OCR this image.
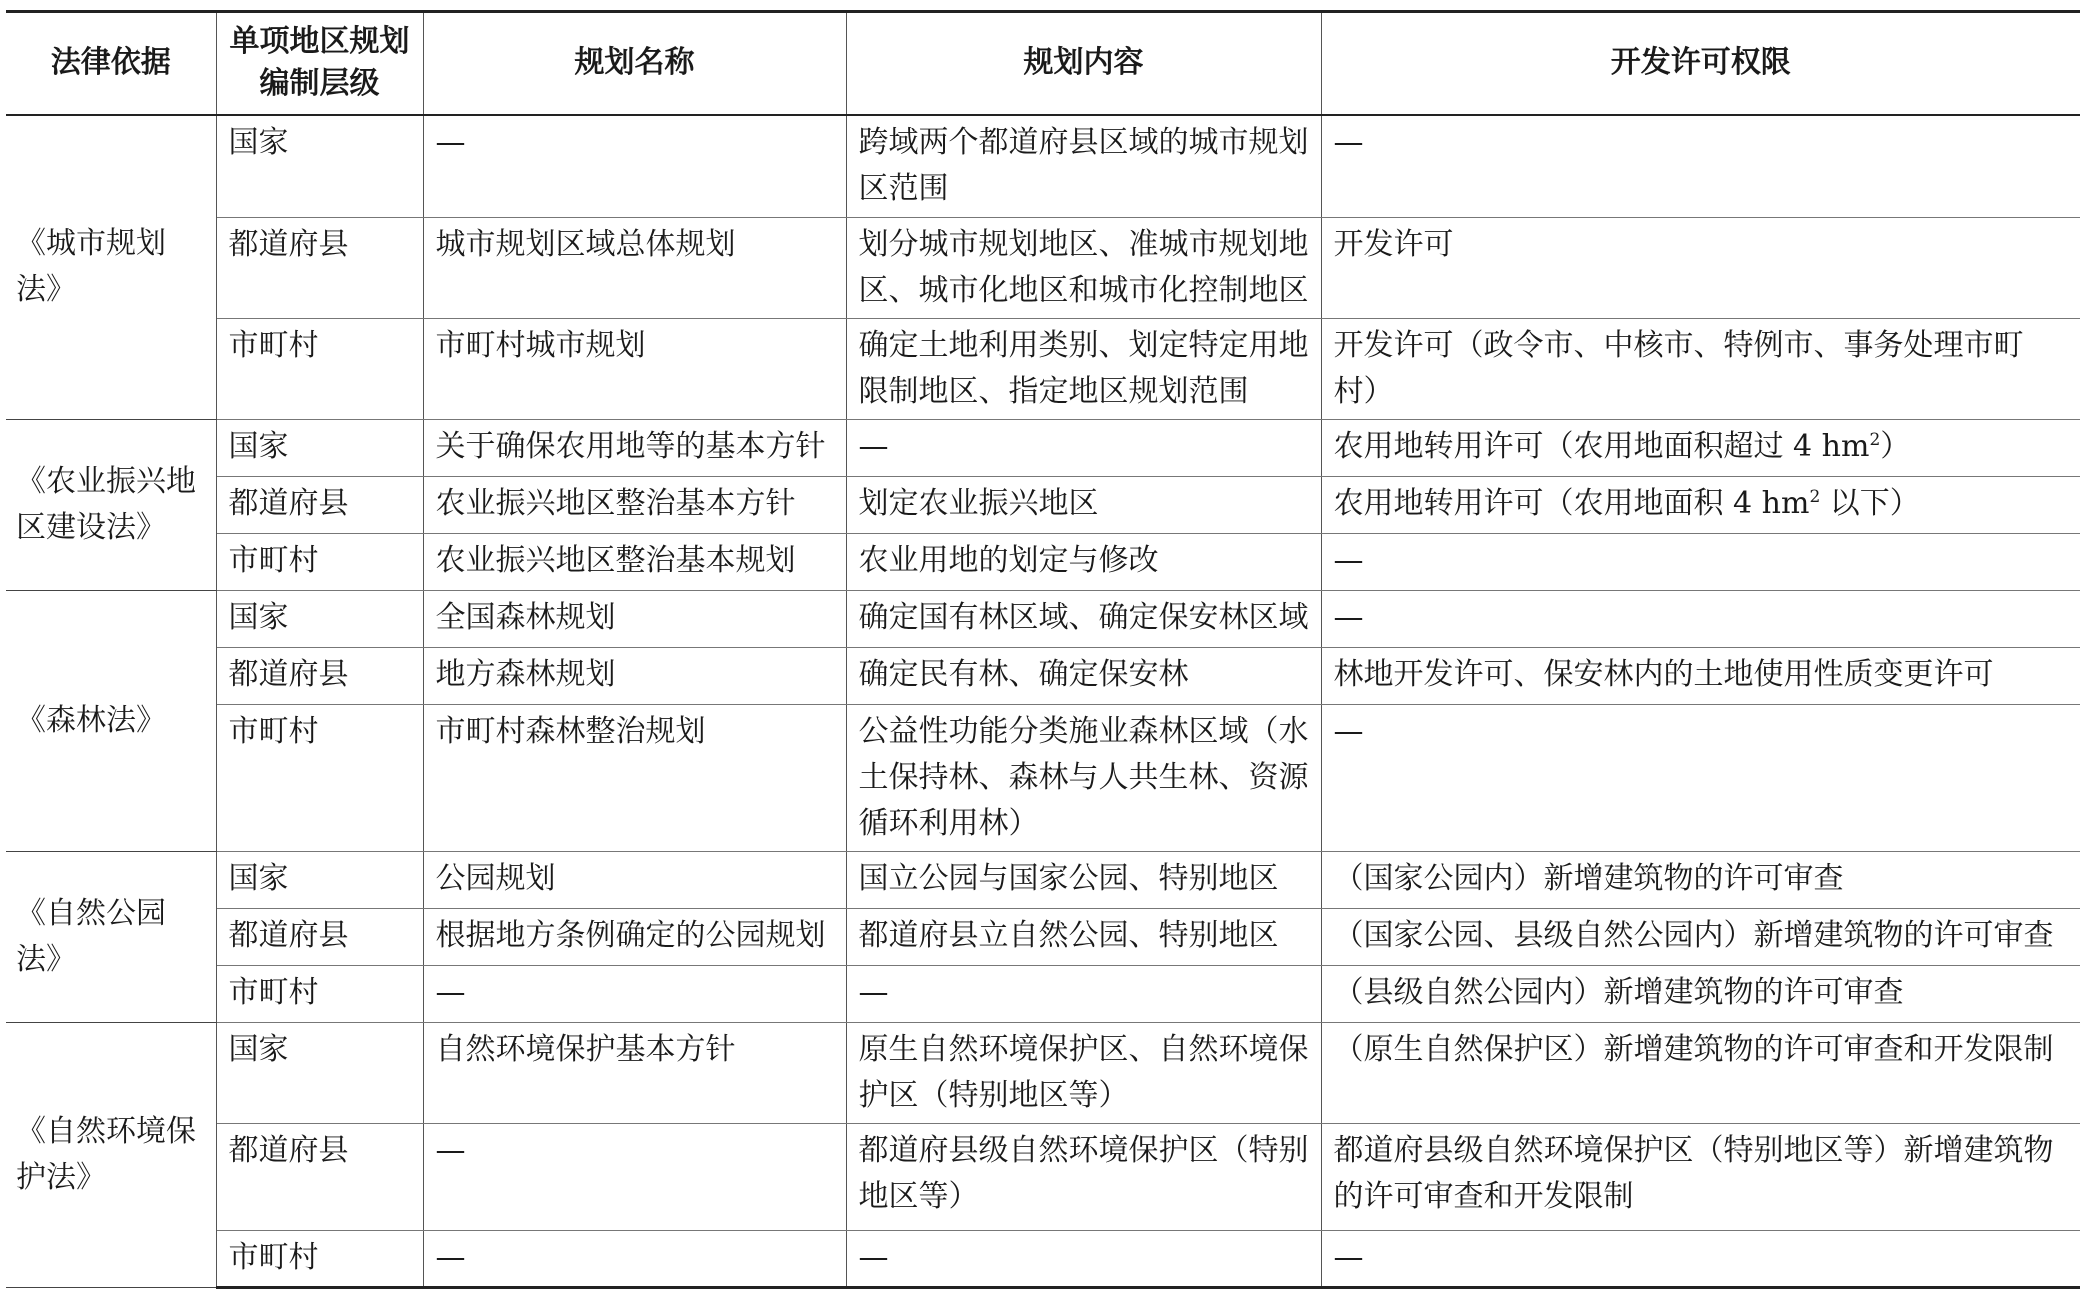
法律依据	单项地区规划编制层级	规划名称	规划内容	开发许可权限
《城市规划法》	国家	—	跨域两个都道府县区域的城市规划区范围	—
	都道府县	城市规划区域总体规划	划分城市规划地区、准城市规划地区、城市化地区和城市化控制地区	开发许可
	市町村	市町村城市规划	确定土地利用类别、划定特定用地限制地区、指定地区规划范围	开发许可（政令市、中核市、特例市、事务处理市町村）
《农业振兴地区建设法》	国家	关于确保农用地等的基本方针	—	农用地转用许可（农用地面积超过 4 $hm^2$）
	都道府县	农业振兴地区整治基本方针	划定农业振兴地区	农用地转用许可（农用地面积 4 $hm^2$ 以下）
	市町村	农业振兴地区整治基本规划	农业用地的划定与修改	—
《森林法》	国家	全国森林规划	确定国有林区域、确定保安林区域	—
	都道府县	地方森林规划	确定民有林、确定保安林	林地开发许可、保安林内的土地使用性质变更许可
	市町村	市町村森林整治规划	公益性功能分类施业森林区域（水土保持林、森林与人共生林、资源循环利用林）	—
《自然公园法》	国家	公园规划	国立公园与国家公园、特别地区	（国家公园内）新增建筑物的许可审查
	都道府县	根据地方条例确定的公园规划	都道府县立自然公园、特别地区	（国家公园、县级自然公园内）新增建筑物的许可审查
	市町村	—	—	（县级自然公园内）新增建筑物的许可审查
《自然环境保护法》	国家	自然环境保护基本方针	原生自然环境保护区、自然环境保护区（特别地区等）	（原生自然保护区）新增建筑物的许可审查和开发限制
	都道府县	—	都道府县级自然环境保护区（特别地区等）	都道府县级自然环境保护区（特别地区等）新增建筑物的许可审查和开发限制
	市町村	—	—	—
